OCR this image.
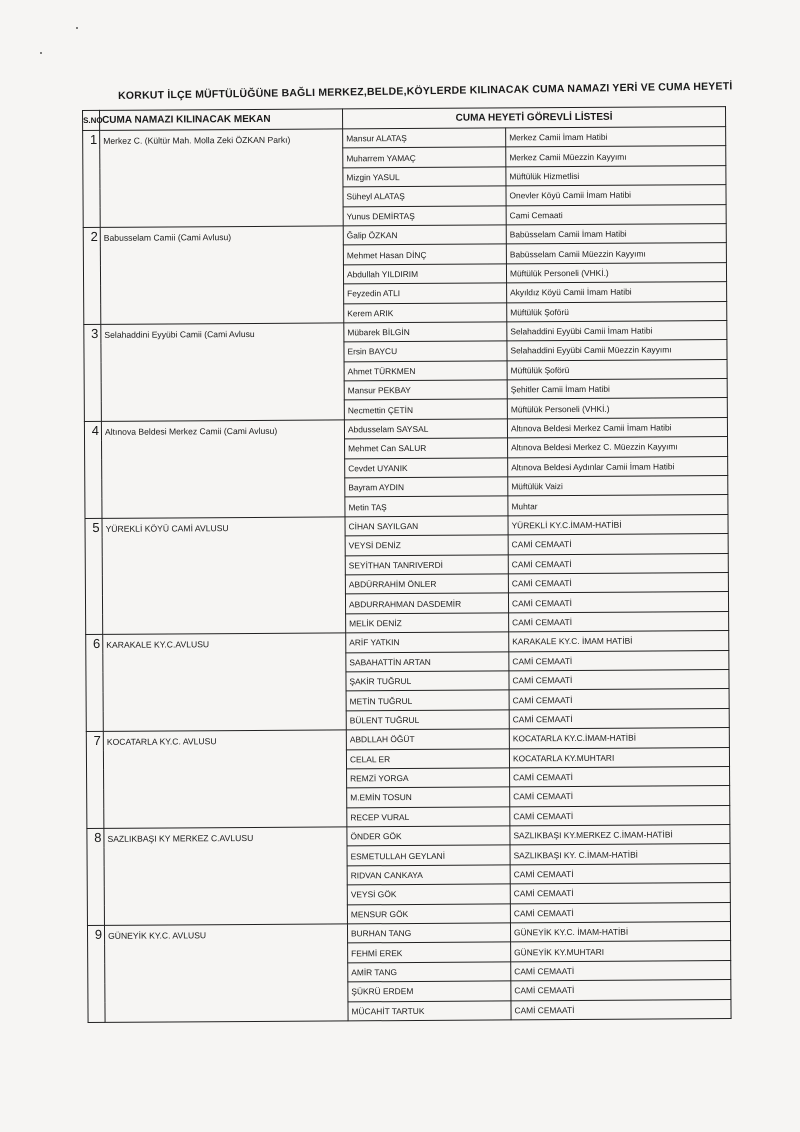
KORKUT İLÇE MÜFTÜLÜĞÜNE BAĞLI MERKEZ,BELDE,KÖYLERDE KILINACAK CUMA NAMAZI YERİ VE CUMA HEYETİ
S.NO	CUMA NAMAZI KILINACAK MEKAN	CUMA HEYETİ GÖREVLİ LİSTESİ	
1	Merkez C. (Kültür Mah. Molla Zeki ÖZKAN Parkı)	Mansur ALATAŞ	Merkez Camii İmam Hatibi
		Muharrem YAMAÇ	Merkez Camii Müezzin Kayyımı
		Mizgin YASUL	Müftülük Hizmetlisi
		Süheyl ALATAŞ	Onevler Köyü Camii İmam Hatibi
		Yunus DEMİRTAŞ	Cami Cemaati
2	Babusselam Camii (Cami Avlusu)	Ğalip ÖZKAN	Babüsselam Camii İmam Hatibi
		Mehmet Hasan DİNÇ	Babüsselam Camii Müezzin Kayyımı
		Abdullah YILDIRIM	Müftülük Personeli (VHKİ.)
		Feyzedin ATLI	Akyıldız Köyü Camii İmam Hatibi
		Kerem ARIK	Müftülük Şoförü
3	Selahaddini Eyyübi Camii (Cami Avlusu	Mübarek BİLGİN	Selahaddini Eyyübi Camii İmam Hatibi
		Ersin BAYCU	Selahaddini Eyyübi Camii Müezzin Kayyımı
		Ahmet TÜRKMEN	Müftülük Şoförü
		Mansur PEKBAY	Şehitler Camii İmam Hatibi
		Necmettin ÇETİN	Müftülük Personeli (VHKİ.)
4	Altınova Beldesi Merkez Camii (Cami Avlusu)	Abdusselam SAYSAL	Altınova Beldesi Merkez Camii İmam Hatibi
		Mehmet Can SALUR	Altınova Beldesi Merkez C. Müezzin Kayyımı
		Cevdet UYANIK	Altınova Beldesi Aydınlar Camii İmam Hatibi
		Bayram AYDIN	Müftülük Vaizi
		Metin TAŞ	Muhtar
5	YÜREKLİ KÖYÜ CAMİ AVLUSU	CİHAN SAYILGAN	YÜREKLİ KY.C.İMAM-HATİBİ
		VEYSİ DENİZ	CAMİ CEMAATİ
		SEYİTHAN TANRIVERDİ	CAMİ CEMAATİ
		ABDÜRRAHİM ÖNLER	CAMİ CEMAATİ
		ABDURRAHMAN DASDEMİR	CAMİ CEMAATİ
		MELİK DENİZ	CAMİ CEMAATİ
6	KARAKALE KY.C.AVLUSU	ARİF YATKIN	KARAKALE KY.C. İMAM HATİBİ
		SABAHATTİN ARTAN	CAMİ CEMAATİ
		ŞAKİR TUĞRUL	CAMİ CEMAATİ
		METİN TUĞRUL	CAMİ CEMAATİ
		BÜLENT TUĞRUL	CAMİ CEMAATİ
7	KOCATARLA KY.C. AVLUSU	ABDLLAH ÖĞÜT	KOCATARLA KY.C.İMAM-HATİBİ
		CELAL ER	KOCATARLA KY.MUHTARI
		REMZİ YORGA	CAMİ CEMAATİ
		M.EMİN TOSUN	CAMİ CEMAATİ
		RECEP VURAL	CAMİ CEMAATİ
8	SAZLIKBAŞI KY MERKEZ C.AVLUSU	ÖNDER GÖK	SAZLIKBAŞI KY.MERKEZ C.İMAM-HATİBİ
		ESMETULLAH GEYLANİ	SAZLIKBAŞI KY. C.İMAM-HATİBİ
		RIDVAN CANKAYA	CAMİ CEMAATİ
		VEYSİ GÖK	CAMİ CEMAATİ
		MENSUR GÖK	CAMİ CEMAATİ
9	GÜNEYİK KY.C. AVLUSU	BURHAN TANG	GÜNEYİK KY.C. İMAM-HATİBİ
		FEHMİ EREK	GÜNEYİK KY.MUHTARI
		AMİR TANG	CAMİ CEMAATİ
		ŞÜKRÜ ERDEM	CAMİ CEMAATİ
		MÜCAHİT TARTUK	CAMİ CEMAATİ
